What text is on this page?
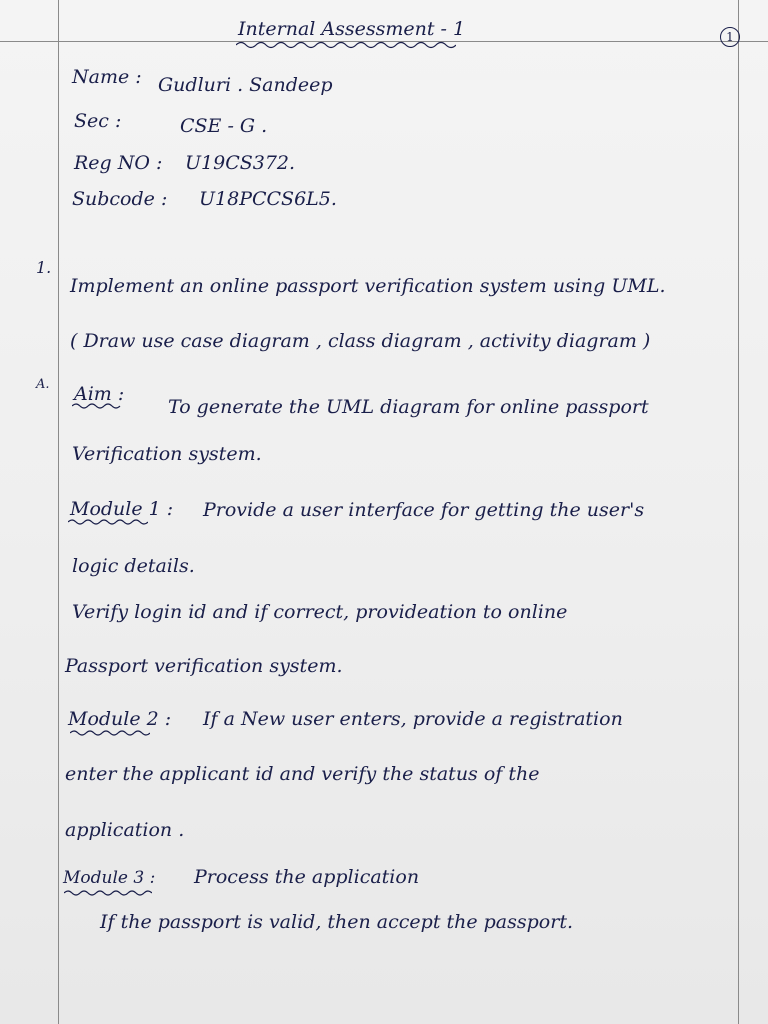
Internal Assessment - 1	1
Name : Gudluri . Sandeep
Sec :	CSE - G .
Reg NO : U19CS372.
Subcode : U18PCCS6L5.
1.
Implement an online passport verification system using UML.
( Draw use case diagram , class diagram , activity diagram )
A. Aim :
To generate the UML diagram for online passport
Verification system.
Module 1 : Provide a user interface for getting the user's
logic details.
Verify login id and if correct, provideation to online
Passport verification system.
Module 2 : If a New user enters, provide a registration
enter the applicant id and verify the status of the
application .
Module 3 : Process the application
If the passport is valid, then accept the passport.
